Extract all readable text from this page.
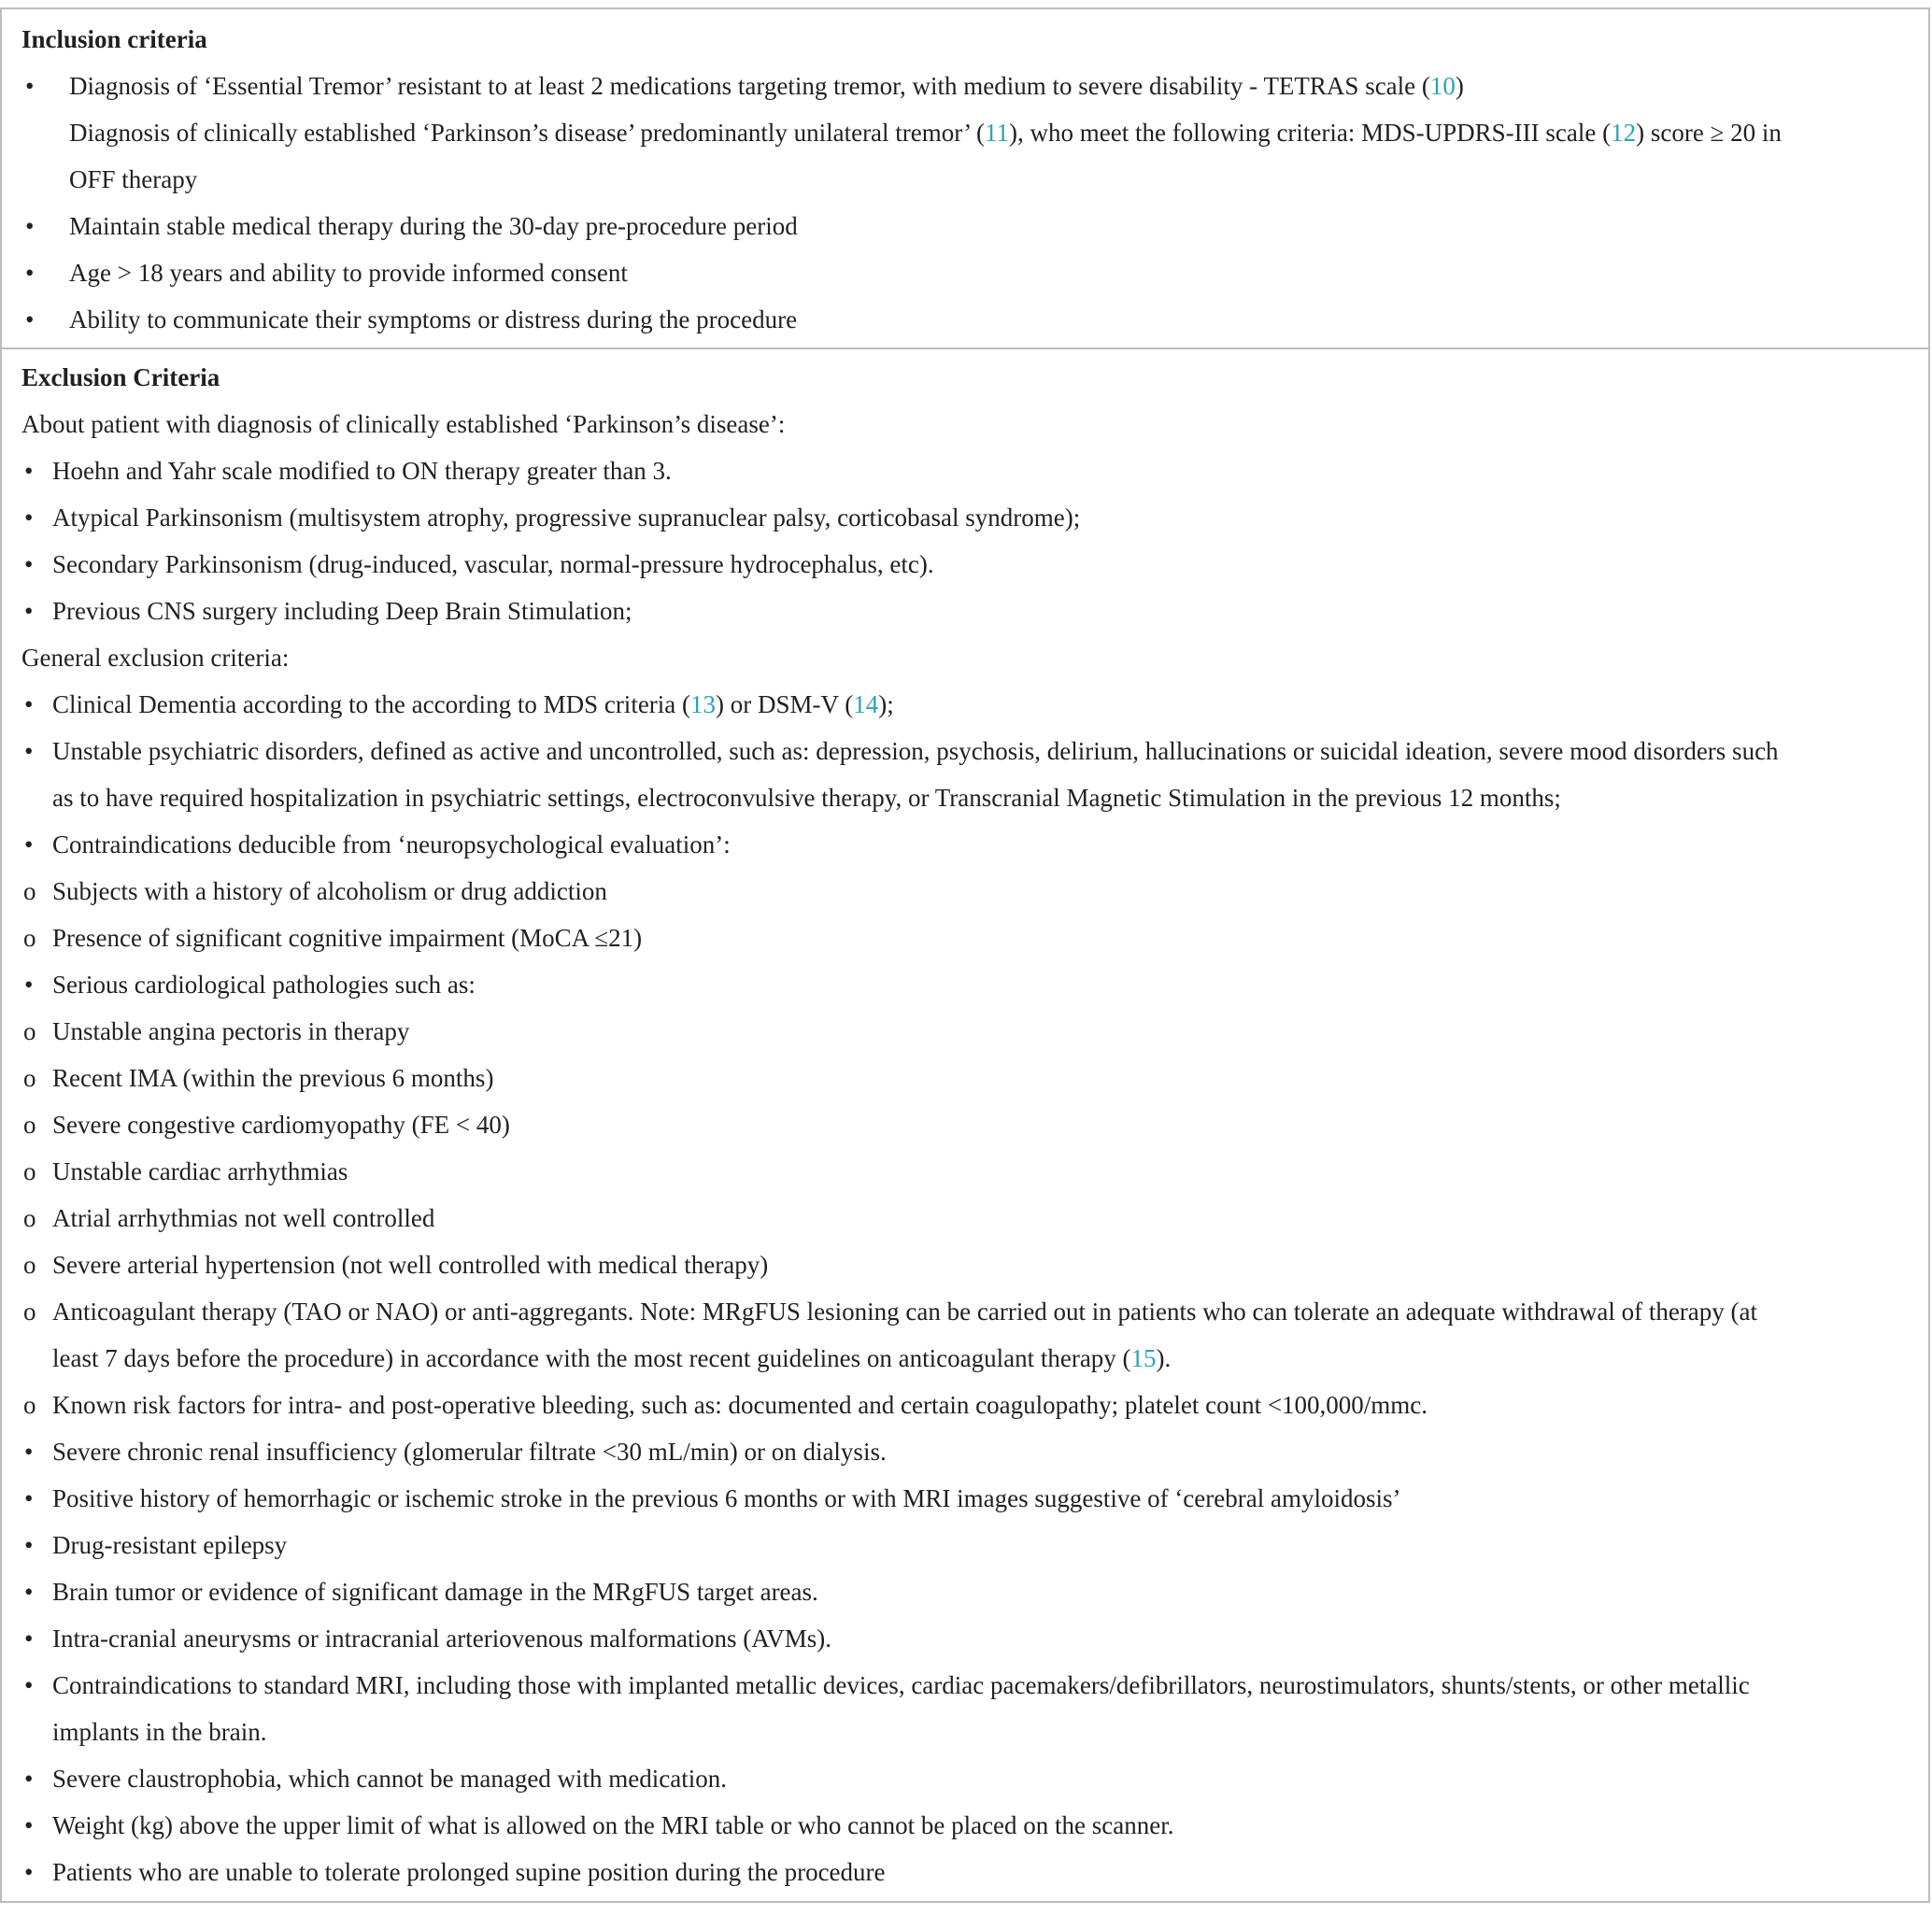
Inclusion criteria
•	Diagnosis of ‘Essential Tremor’ resistant to at least 2 medications targeting tremor, with medium to severe disability - TETRAS scale (10)
Diagnosis of clinically established ‘Parkinson’s disease’ predominantly unilateral tremor’ (11), who meet the following criteria: MDS-UPDRS-III scale (12) score ≥ 20 in
OFF therapy
•	Maintain stable medical therapy during the 30-day pre-procedure period
•	Age > 18 years and ability to provide informed consent
•	Ability to communicate their symptoms or distress during the procedure
Exclusion Criteria
About patient with diagnosis of clinically established ‘Parkinson’s disease’:
• Hoehn and Yahr scale modified to ON therapy greater than 3.
• Atypical Parkinsonism (multisystem atrophy, progressive supranuclear palsy, corticobasal syndrome);
• Secondary Parkinsonism (drug-induced, vascular, normal-pressure hydrocephalus, etc).
• Previous CNS surgery including Deep Brain Stimulation;
General exclusion criteria:
• Clinical Dementia according to the according to MDS criteria (13) or DSM-V (14);
• Unstable psychiatric disorders, defined as active and uncontrolled, such as: depression, psychosis, delirium, hallucinations or suicidal ideation, severe mood disorders such
as to have required hospitalization in psychiatric settings, electroconvulsive therapy, or Transcranial Magnetic Stimulation in the previous 12 months;
• Contraindications deducible from ‘neuropsychological evaluation’:
o Subjects with a history of alcoholism or drug addiction
o Presence of significant cognitive impairment (MoCA ≤21)
• Serious cardiological pathologies such as:
o Unstable angina pectoris in therapy
o Recent IMA (within the previous 6 months)
o Severe congestive cardiomyopathy (FE < 40)
o Unstable cardiac arrhythmias
o Atrial arrhythmias not well controlled
o Severe arterial hypertension (not well controlled with medical therapy)
o Anticoagulant therapy (TAO or NAO) or anti-aggregants. Note: MRgFUS lesioning can be carried out in patients who can tolerate an adequate withdrawal of therapy (at
least 7 days before the procedure) in accordance with the most recent guidelines on anticoagulant therapy (15).
o Known risk factors for intra- and post-operative bleeding, such as: documented and certain coagulopathy; platelet count <100,000/mmc.
• Severe chronic renal insufficiency (glomerular filtrate <30 mL/min) or on dialysis.
• Positive history of hemorrhagic or ischemic stroke in the previous 6 months or with MRI images suggestive of ‘cerebral amyloidosis’
• Drug-resistant epilepsy
• Brain tumor or evidence of significant damage in the MRgFUS target areas.
• Intra-cranial aneurysms or intracranial arteriovenous malformations (AVMs).
• Contraindications to standard MRI, including those with implanted metallic devices, cardiac pacemakers/defibrillators, neurostimulators, shunts/stents, or other metallic
implants in the brain.
• Severe claustrophobia, which cannot be managed with medication.
• Weight (kg) above the upper limit of what is allowed on the MRI table or who cannot be placed on the scanner.
• Patients who are unable to tolerate prolonged supine position during the procedure
